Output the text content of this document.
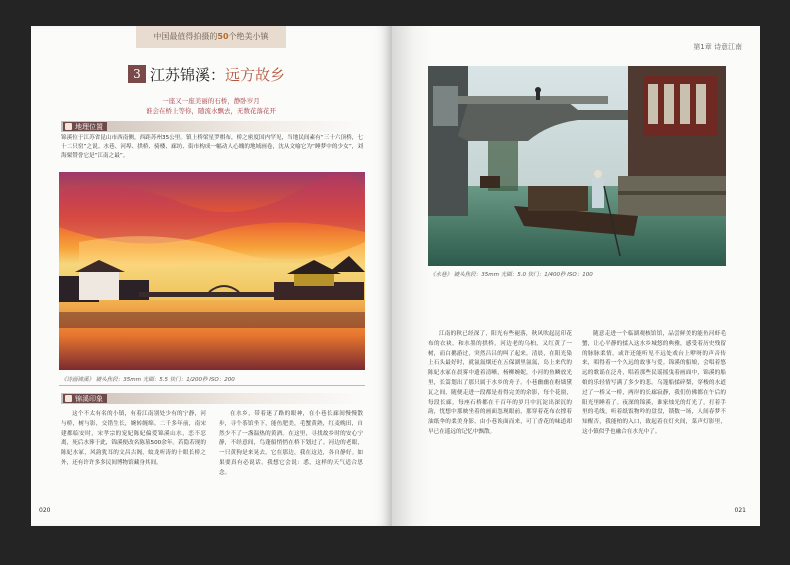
中国最值得拍摄的50个绝美小镇
3 江苏锦溪： 远方故乡
一座又一座美丽的石桥，静卧岁月
谁会在桥上等你，随流水飘去，无数花落花开
地理位置
锦溪位于江苏省昆山市西南侧，西距苏州35公里。镇上桥梁星罗棋布，桥之密度国内罕见，当地民间素有“三十六顶桥，七十二只窑”之说。水巷、河埠、拱桥、骑楼、廊坊、街市构成一幅动人心魄的地域画卷，沈从文喻它为“睡梦中的少女”，刘海粟赞誉它是“江南之最”。
《诗画锦溪》 镜头焦段：35mm 光圈：5.5 快门：1/200秒 ISO：200
锦溪印象

这个不太有名的小镇，有着江南别处少有的宁静，河与桥，树与影，交错生长，婉转缠绵。二千多年前，南宋建都临安时，宋孝宗的宠妃陈妃偏爱锦溪山水，恋不忍离，死后水葬于此，锦溪便改名陈墓500余年。若隐若现的陈妃水冢，风韵犹耳的文昌古阁，蚊龙听涛的十眼长桥之外，还有许许多多民间博物馆藏身其间。

在水乡，带着迷了路的眼神，在小巷长廊间慢慢散步，寻个茶馆坐下，能鱼肥美，毛蟹黄熟，红麦晚田，自然少不了一盏温热的黄酒。在这里，寻找故乡时的安心宁静，不经意间，鸟蓬船悄悄在桥下划过了。河边的老眼，一只黄狗是来晃去，它在那边，我在这边，各自静好。如果要真有必说话，我想它会说：悉，这样的天气适合思念。

020
第1章 诗意江南
《水巷》 镜头焦段：35mm 光圈：5.0 快门：1/400秒 ISO：100

江南的秋已经深了，阳光有些褪落，秋风吹起昆印花布的衣袂，和水墨的拱桥，河边老的乌桕，又红黄了一树，而白鹅游过，突然吕吕的叫了起来。清晨，在阳光染上石头最好时，就氤氲烟还在五保湖里氤氲，岛上来代的陈妃水冢在晨雾中遗着清晰，杨柳婉妮，小河的鱼鳞放光里，长篙划出了那只属于水乡的舟子。小巷幽幽在粉墙黛瓦之间，随便走进一段都是看得完美的余影，每个花窗，每段长廊，每座石桥都在千百年的岁月中沉淀出深沉的韵，忧想中那映坐着的画面忽现眼前，那穿着花布衣撑着油纸伞的柔美身影，由小巷诶面而来，可丁香花的味道却早已在遥远的记忆中飘散。

随意走进一个临湖观核馆馆，品尝鲜美的能鱼河虾毛蟹，让心平静的揉入这水乡城悠的典雅，感受着历史残留的脉脉柔情，或许还能听见不远处戏台上咿呀的声音传来，唱得着一个久远的故事与爱。锦溪的船娘，会唱着悠远的歌谣在泛舟，唱着那些民谣摇曳着画面中，锦溪的船娘的乐轻情写满了多少的悲。乌篷船揉碎梨，穿梭的水道过了一桥又一桥，两岸的长廊寂静，我们仿佛都在午后的阳光里睡着了。夜深的锦溪，谁家烛光的灯光了，打着手里的毛线，听着纸饭物吟的盘盘，锁数一场，人间春梦不知醒否，我能柏的入口，致起着在灯火间，菜声灯影里，这小镇似乎也融合在水光中了。

021
